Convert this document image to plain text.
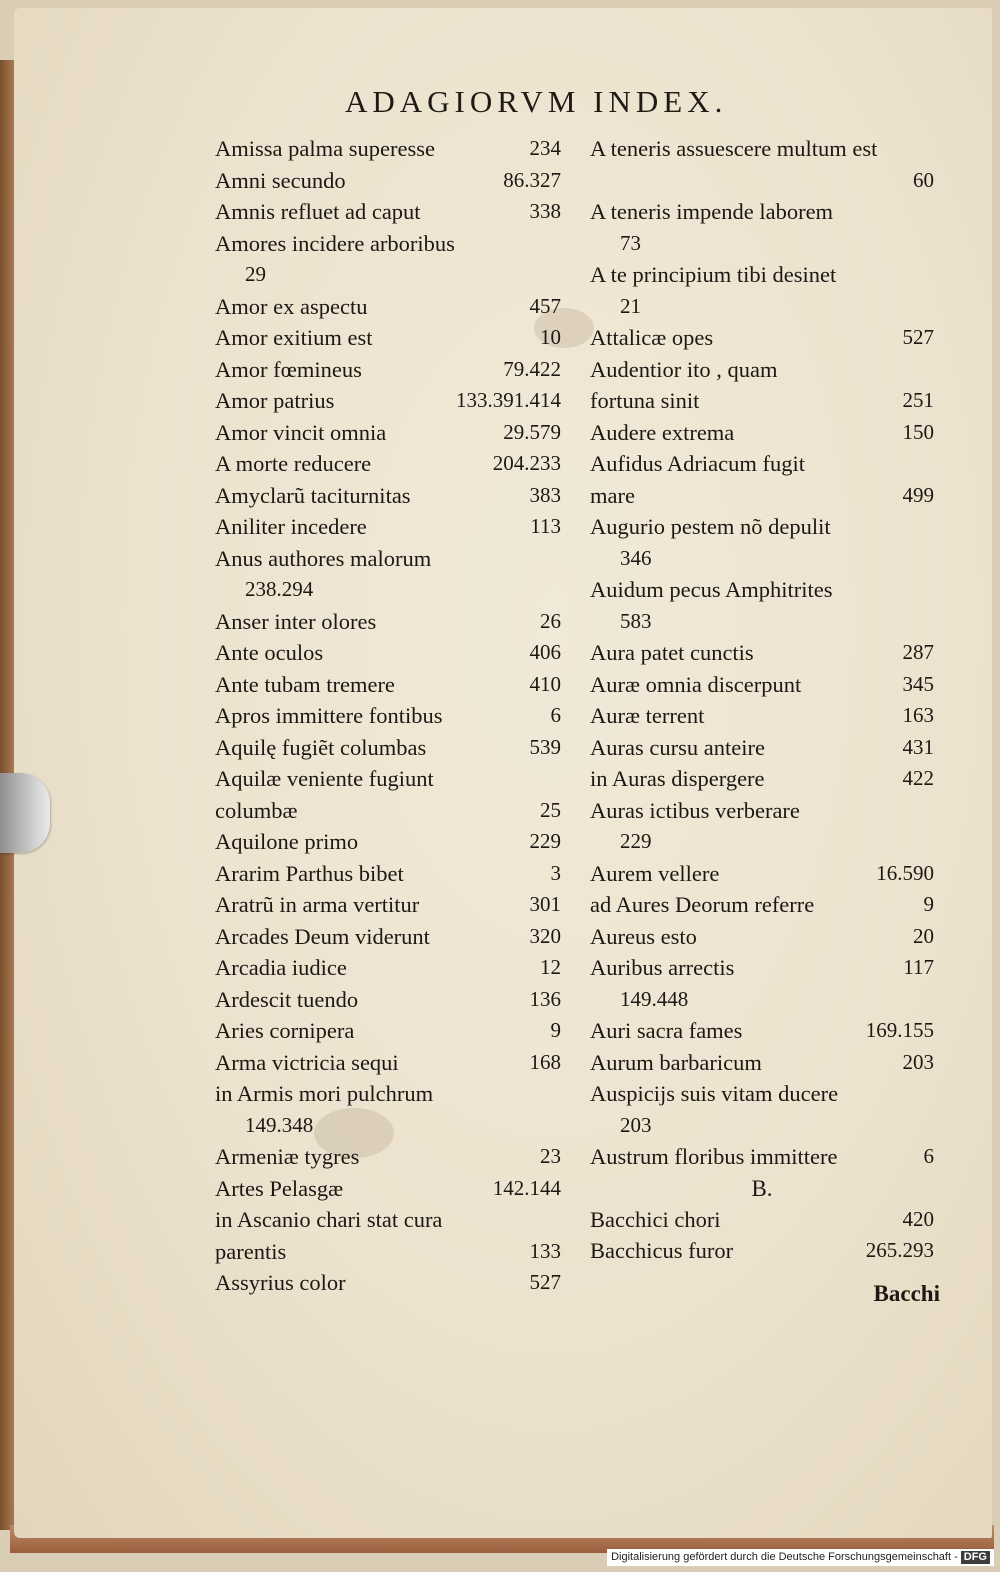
ADAGIORVM INDEX.
Amissa palma superesse	234
Amni secundo	86.327
Amnis refluet ad caput	338
Amores incidere arboribus
29
Amor ex aspectu	457
Amor exitium est	10
Amor fœmineus	79.422
Amor patrius	133.391.414
Amor vincit omnia	29.579
A morte reducere	204.233
Amyclarũ taciturnitas	383
Aniliter incedere	113
Anus authores malorum
238.294
Anser inter olores	26
Ante oculos	406
Ante tubam tremere	410
Apros immittere fontibus	6
Aquilę fugiẽt columbas	539
Aquilæ veniente fugiunt columbæ	25
Aquilone primo	229
Ararim Parthus bibet	3
Aratrũ in arma vertitur	301
Arcades Deum viderunt	320
Arcadia iudice	12
Ardescit tuendo	136
Aries cornipera	9
Arma victricia sequi	168
in Armis mori pulchrum
149.348
Armeniæ tygres	23
Artes Pelasgæ	142.144
in Ascanio chari stat cura parentis	133
Assyrius color	527
A teneris assuescere multum est
60
A teneris impende laborem
73
A te principium tibi desinet
21
Attalicæ opes	527
Audentior ito , quam fortuna sinit	251
Audere extrema	150
Aufidus Adriacum fugit mare	499
Augurio pestem nõ depulit
346
Auidum pecus Amphitrites
583
Aura patet cunctis	287
Auræ omnia discerpunt	345
Auræ terrent	163
Auras cursu anteire	431
in Auras dispergere	422
Auras ictibus verberare
229
Aurem vellere	16.590
ad Aures Deorum referre	9
Aureus esto	20
Auribus arrectis	117
149.448
Auri sacra fames	169.155
Aurum barbaricum	203
Auspicijs suis vitam ducere
203
Austrum floribus immittere	6
B.
Bacchici chori	420
Bacchicus furor	265.293
Bacchi
Digitalisierung gefördert durch die Deutsche Forschungsgemeinschaft - DFG
